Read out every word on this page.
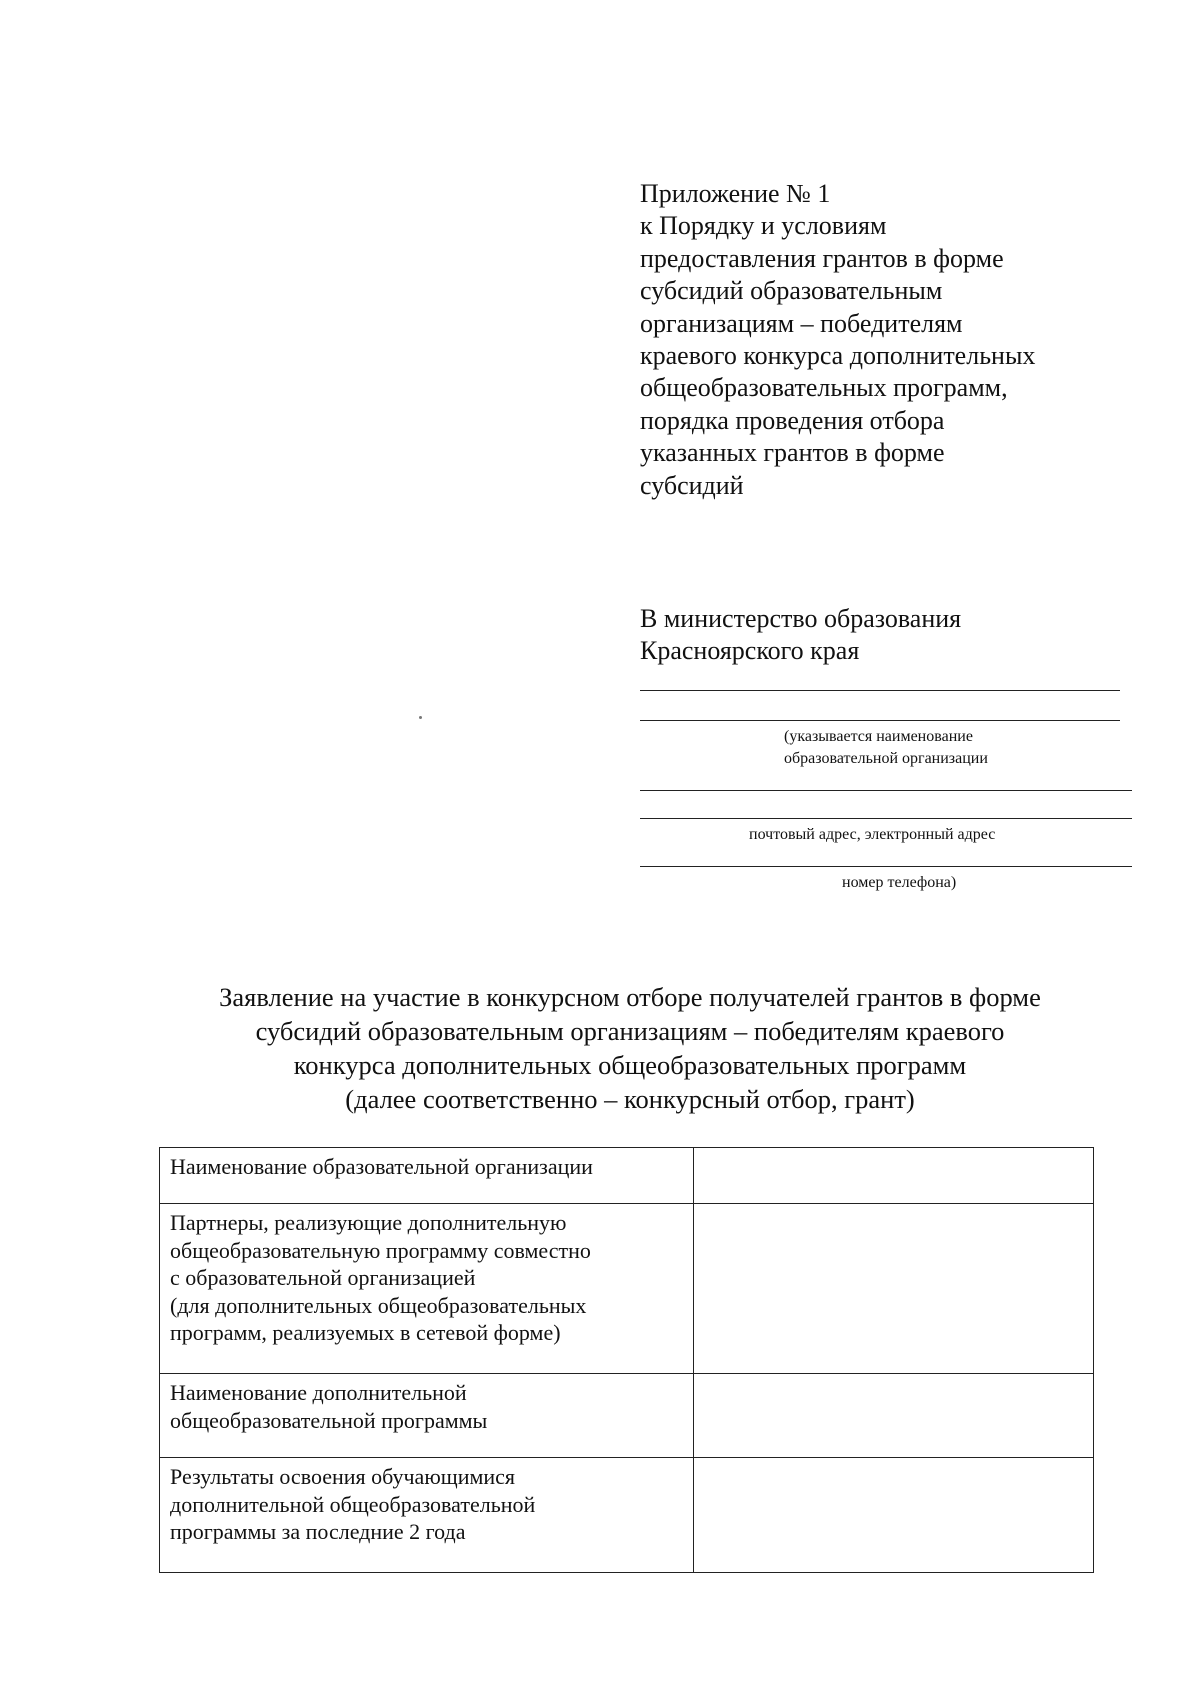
Приложение № 1
к Порядку и условиям
предоставления грантов в форме
субсидий образовательным
организациям – победителям
краевого конкурса дополнительных
общеобразовательных программ,
порядка проведения отбора
указанных грантов в форме
субсидий
В министерство образования
Красноярского края
(указывается наименование
образовательной организации
почтовый адрес, электронный адрес
номер телефона)
Заявление на участие в конкурсном отборе получателей грантов в форме
субсидий образовательным организациям – победителям краевого
конкурса дополнительных общеобразовательных программ
(далее соответственно – конкурсный отбор, грант)
Наименование образовательной организации	

Партнеры, реализующие дополнительную
общеобразовательную программу совместно
с образовательной организацией
(для дополнительных общеобразовательных
программ, реализуемых в сетевой форме)	

Наименование дополнительной
общеобразовательной программы	

Результаты освоения обучающимися
дополнительной общеобразовательной
программы за последние 2 года	
